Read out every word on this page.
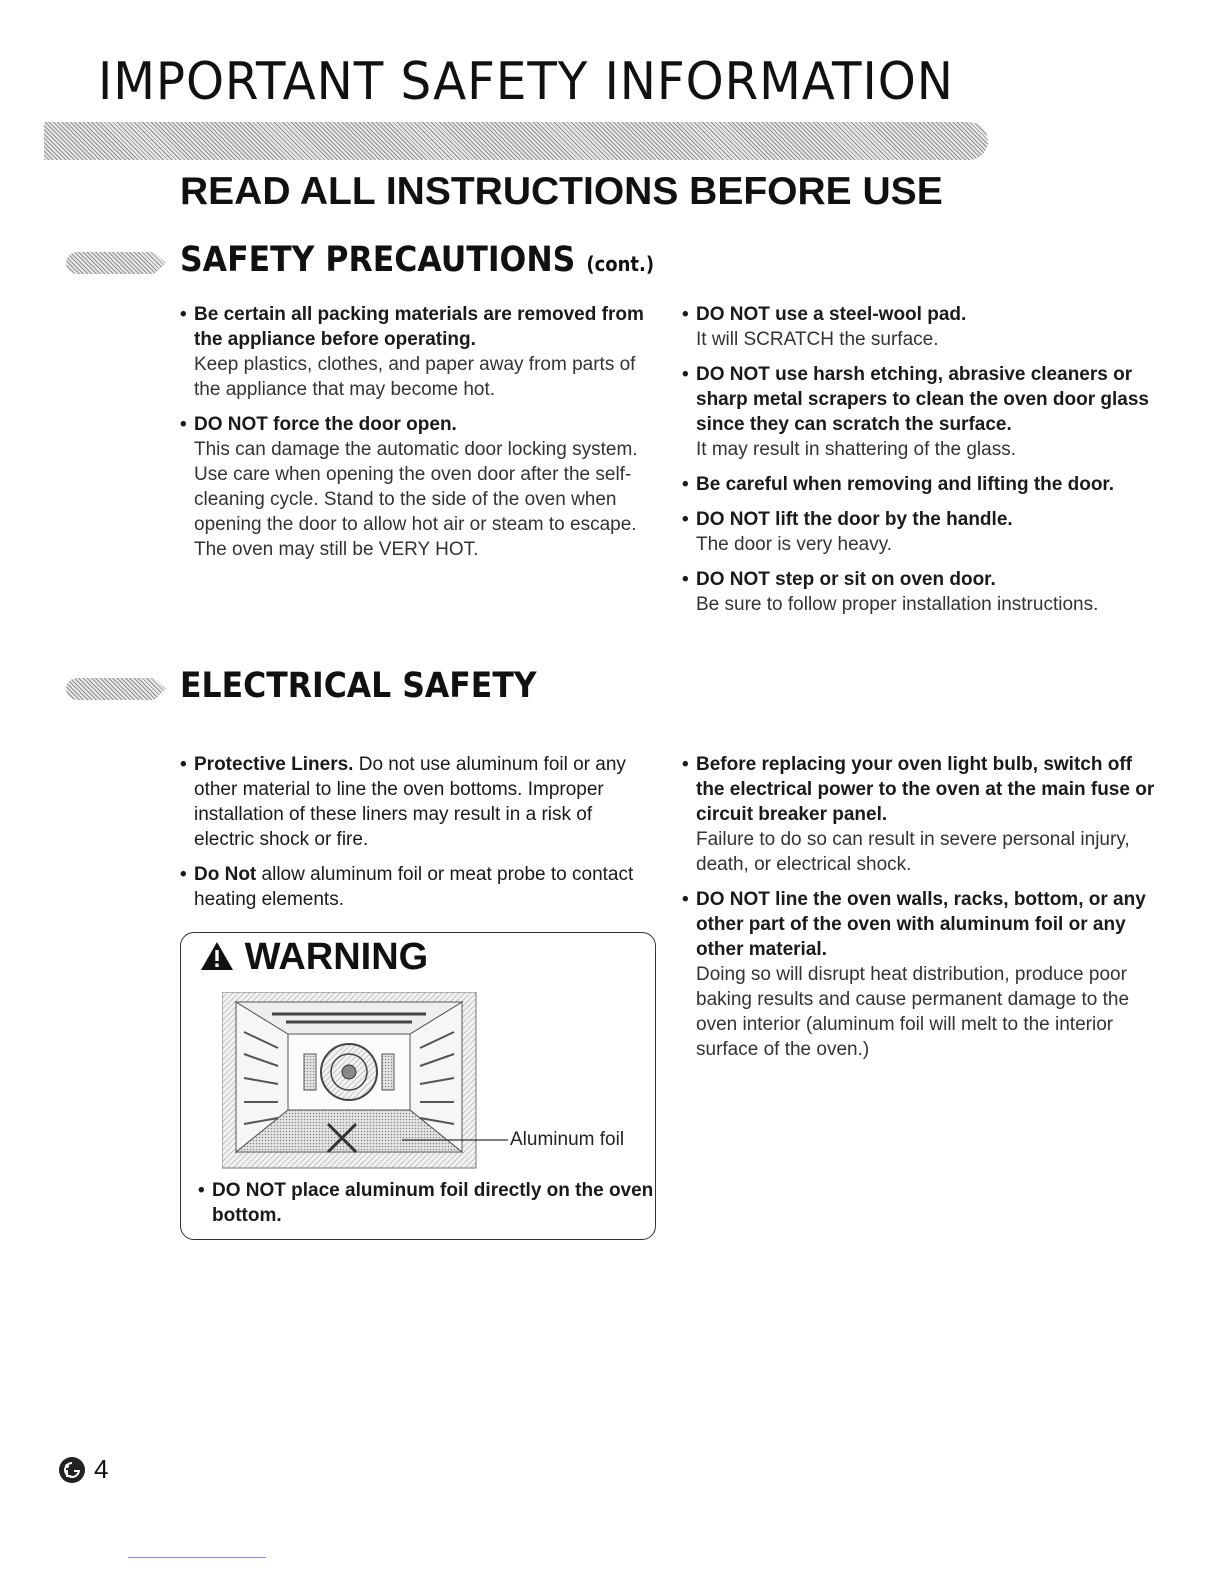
IMPORTANT SAFETY INFORMATION
READ ALL INSTRUCTIONS BEFORE USE
SAFETY PRECAUTIONS (cont.)
• Be certain all packing materials are removed from the appliance before operating.
Keep plastics, clothes, and paper away from parts of the appliance that may become hot.
• DO NOT force the door open.
This can damage the automatic door locking system. Use care when opening the oven door after the self-cleaning cycle. Stand to the side of the oven when opening the door to allow hot air or steam to escape. The oven may still be VERY HOT.
• DO NOT use a steel-wool pad.
It will SCRATCH the surface.
• DO NOT use harsh etching, abrasive cleaners or sharp metal scrapers to clean the oven door glass since they can scratch the surface.
It may result in shattering of the glass.
• Be careful when removing and lifting the door.
• DO NOT lift the door by the handle.
The door is very heavy.
• DO NOT step or sit on oven door.
Be sure to follow proper installation instructions.
ELECTRICAL SAFETY
• Protective Liners. Do not use aluminum foil or any other material to line the oven bottoms. Improper installation of these liners may result in a risk of electric shock or fire.
• Do Not allow aluminum foil or meat probe to contact heating elements.
WARNING
Aluminum foil
• DO NOT place aluminum foil directly on the oven bottom.
• Before replacing your oven light bulb, switch off the electrical power to the oven at the main fuse or circuit breaker panel.
Failure to do so can result in severe personal injury, death, or electrical shock.
• DO NOT line the oven walls, racks, bottom, or any other part of the oven with aluminum foil or any other material.
Doing so will disrupt heat distribution, produce poor baking results and cause permanent damage to the oven interior (aluminum foil will melt to the interior surface of the oven.)
4
